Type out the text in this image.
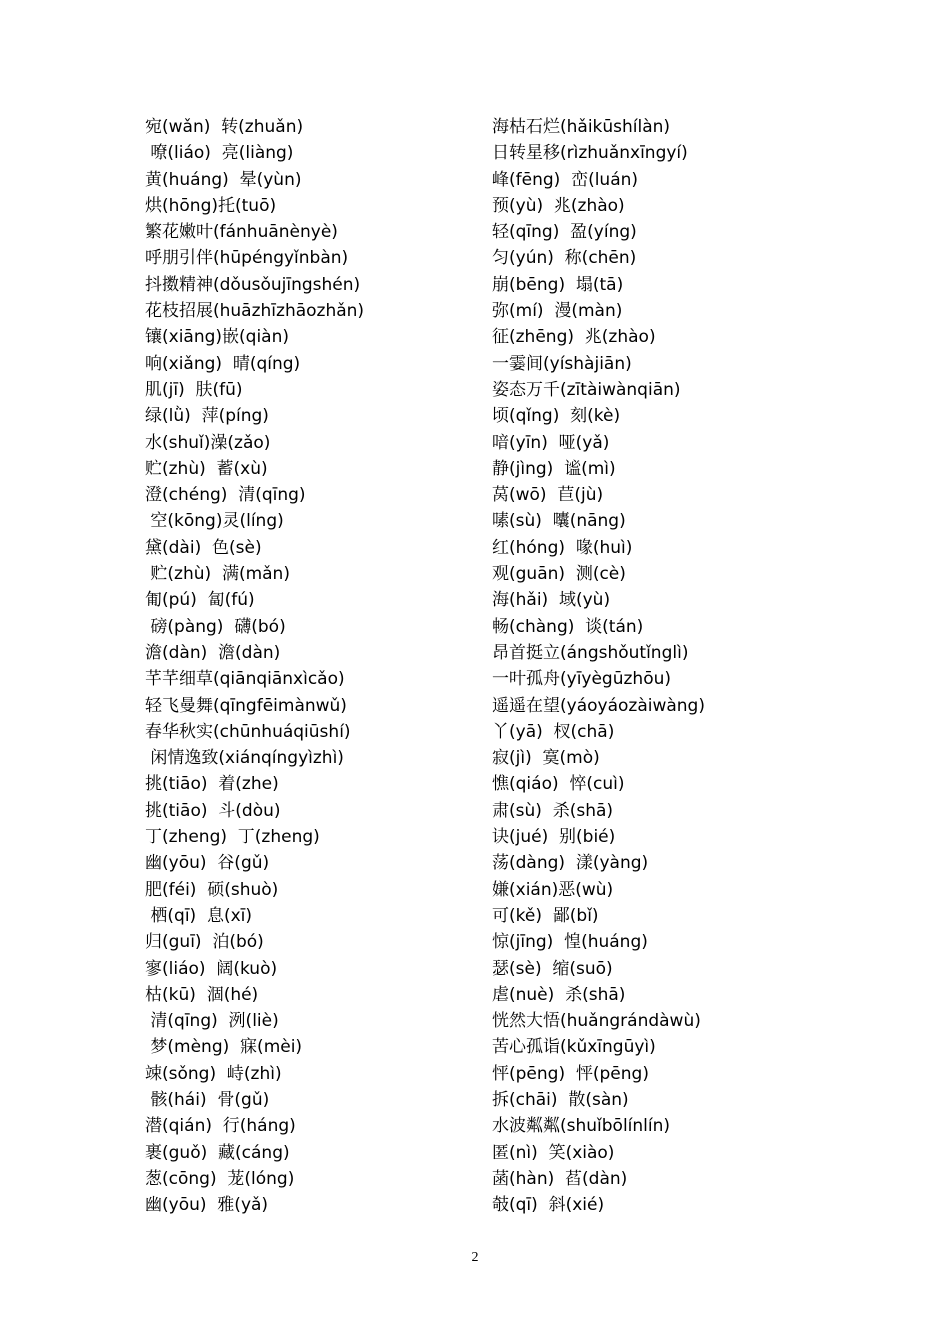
宛(wǎn)  转(zhuǎn)
嘹(liáo)  亮(liàng)
黄(huáng)  晕(yùn)
烘(hōng)托(tuō)
繁花嫩叶(fánhuānènyè)
呼朋引伴(hūpéngyǐnbàn)
抖擞精神(dǒusǒujīngshén)
花枝招展(huāzhīzhāozhǎn)
镶(xiāng)嵌(qiàn)
响(xiǎng)  晴(qíng)
肌(jī)  肤(fū)
绿(lǜ)  萍(píng)
水(shuǐ)澡(zǎo)
贮(zhù)  蓄(xù)
澄(chéng)  清(qīng)
空(kōng)灵(líng)
黛(dài)  色(sè)
贮(zhù)  满(mǎn)
匍(pú)  匐(fú)
磅(pàng)  礴(bó)
澹(dàn)  澹(dàn)
芊芊细草(qiānqiānxìcǎo)
轻飞曼舞(qīngfēimànwǔ)
春华秋实(chūnhuáqiūshí)
闲情逸致(xiánqíngyìzhì)
挑(tiāo)  着(zhe)
挑(tiāo)  斗(dòu)
丁(zheng)  丁(zheng)
幽(yōu)  谷(gǔ)
肥(féi)  硕(shuò)
栖(qī)  息(xī)
归(guī)  泊(bó)
寥(liáo)  阔(kuò)
枯(kū)  涸(hé)
清(qīng)  洌(liè)
梦(mèng)  寐(mèi)
竦(sǒng)  峙(zhì)
骸(hái)  骨(gǔ)
潜(qián)  行(háng)
裹(guǒ)  藏(cáng)
葱(cōng)  茏(lóng)
幽(yōu)  雅(yǎ)
海枯石烂(hǎikūshílàn)
日转星移(rìzhuǎnxīngyí)
峰(fēng)  峦(luán)
预(yù)  兆(zhào)
轻(qīng)  盈(yíng)
匀(yún)  称(chēn)
崩(bēng)  塌(tā)
弥(mí)  漫(màn)
征(zhēng)  兆(zhào)
一霎间(yíshàjiān)
姿态万千(zītàiwànqiān)
顷(qǐng)  刻(kè)
喑(yīn)  哑(yǎ)
静(jìng)  谧(mì)
莴(wō)  苣(jù)
嗉(sù)  囔(nāng)
红(hóng)  喙(huì)
观(guān)  测(cè)
海(hǎi)  域(yù)
畅(chàng)  谈(tán)
昂首挺立(ángshǒutǐnglì)
一叶孤舟(yīyègūzhōu)
遥遥在望(yáoyáozàiwàng)
丫(yā)  杈(chā)
寂(jì)  寞(mò)
憔(qiáo)  悴(cuì)
肃(sù)  杀(shā)
诀(jué)  别(bié)
荡(dàng)  漾(yàng)
嫌(xián)恶(wù)
可(kě)  鄙(bǐ)
惊(jīng)  惶(huáng)
瑟(sè)  缩(suō)
虐(nuè)  杀(shā)
恍然大悟(huǎngrándàwù)
苦心孤诣(kǔxīngūyì)
怦(pēng)  怦(pēng)
拆(chāi)  散(sàn)
水波粼粼(shuǐbōlínlín)
匿(nì)  笑(xiào)
菡(hàn)  萏(dàn)
攲(qī)  斜(xié)
2
